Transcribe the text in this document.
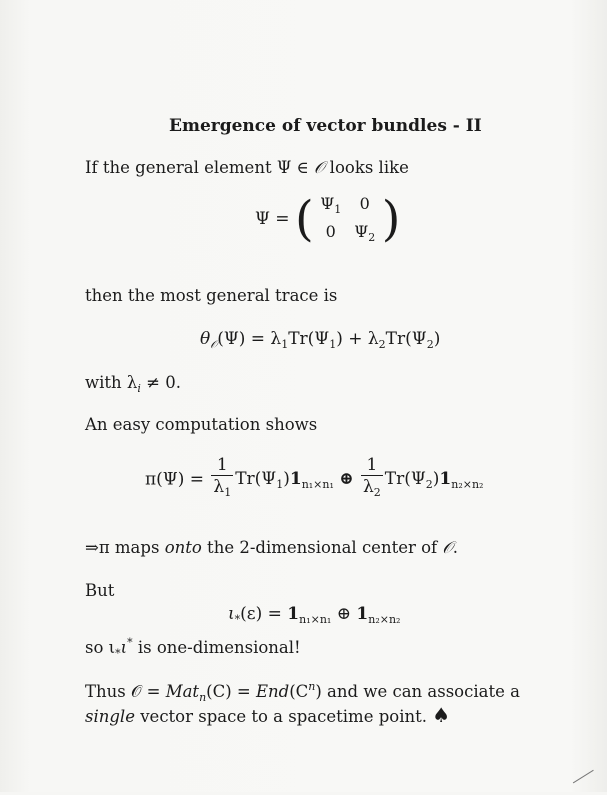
Emergence of vector bundles - II
If the general element Ψ ∈ 𝒪 looks like
Ψ = ( $\Psi_1$	0
0	$\Psi_2$ )
then the most general trace is
$\theta_𝒪(\Psi) = \lambda_1Tr(\Psi_1) + \lambda_2Tr(\Psi_2)$
with $\lambda_i \ne 0$.
An easy computation shows
$\pi(\Psi) = \frac{1}{\lambda_1} Tr(\Psi_1)1_{n_1\times n_1}$ ⊕ $\frac{1}{\lambda_2} Tr(\Psi_2)1_{n_2\times n_2}$
⇒π maps onto the 2-dimensional center of 𝒪.
But
$\iota_*(\varepsilon) = 1_{n_1\times n_1}$ ⊕ $1_{n_2\times n_2}$
so $\iota_*\iota^*$ is one-dimensional!
Thus 𝒪 = $Mat_n(C) = End(C^n)$ and we can associate a
single vector space to a spacetime point. ♠
